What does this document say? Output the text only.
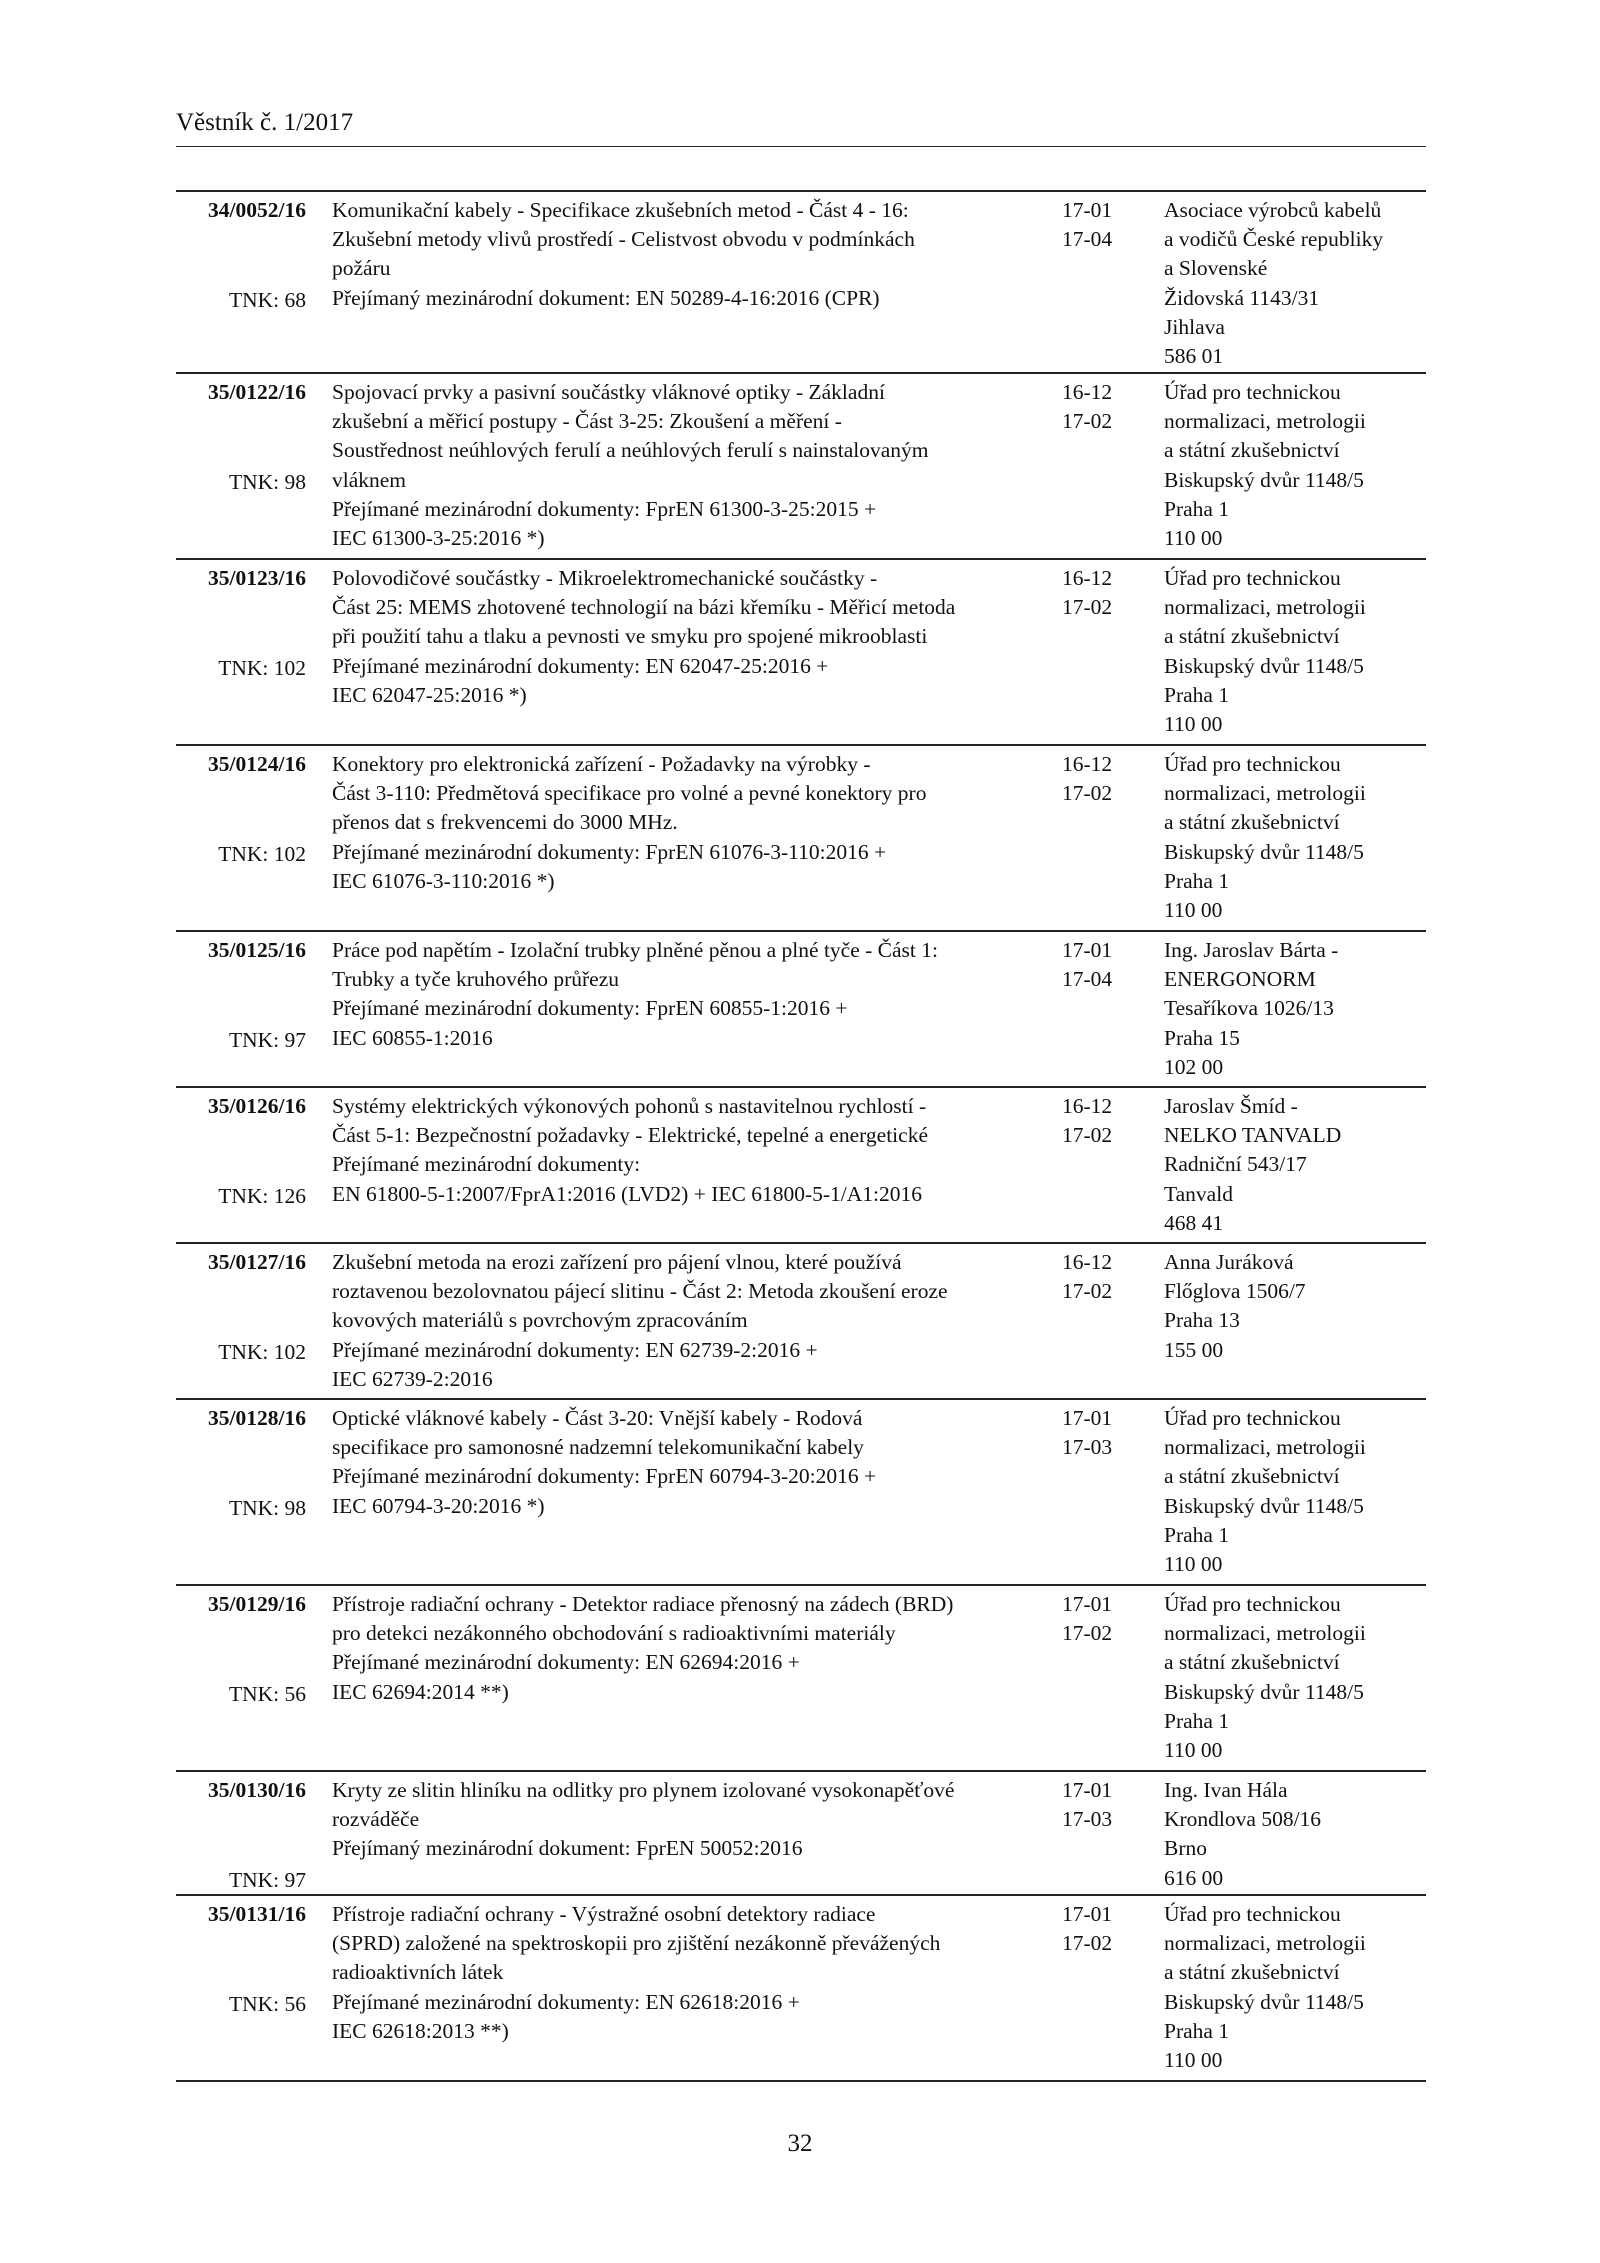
Věstník č. 1/2017
34/0052/16
TNK: 68
Komunikační kabely - Specifikace zkušebních metod - Část 4 - 16:
Zkušební metody vlivů prostředí - Celistvost obvodu v podmínkách
požáru
Přejímaný mezinárodní dokument: EN 50289-4-16:2016 (CPR)
17-01
17-04
Asociace výrobců kabelů
a vodičů České republiky
a Slovenské
Židovská 1143/31
Jihlava
586 01
35/0122/16
TNK: 98
Spojovací prvky a pasivní součástky vláknové optiky - Základní
zkušební a měřicí postupy - Část 3-25: Zkoušení a měření -
Soustřednost neúhlových ferulí a neúhlových ferulí s nainstalovaným
vláknem
Přejímané mezinárodní dokumenty: FprEN 61300-3-25:2015 +
IEC 61300-3-25:2016 *)
16-12
17-02
Úřad pro technickou
normalizaci, metrologii
a státní zkušebnictví
Biskupský dvůr 1148/5
Praha 1
110 00
35/0123/16
TNK: 102
Polovodičové součástky - Mikroelektromechanické součástky -
Část 25: MEMS zhotovené technologií na bázi křemíku - Měřicí metoda
při použití tahu a tlaku a pevnosti ve smyku pro spojené mikrooblasti
Přejímané mezinárodní dokumenty: EN 62047-25:2016 +
IEC 62047-25:2016 *)
16-12
17-02
Úřad pro technickou
normalizaci, metrologii
a státní zkušebnictví
Biskupský dvůr 1148/5
Praha 1
110 00
35/0124/16
TNK: 102
Konektory pro elektronická zařízení - Požadavky na výrobky -
Část 3-110: Předmětová specifikace pro volné a pevné konektory pro
přenos dat s frekvencemi do 3000 MHz.
Přejímané mezinárodní dokumenty: FprEN 61076-3-110:2016 +
IEC 61076-3-110:2016 *)
16-12
17-02
Úřad pro technickou
normalizaci, metrologii
a státní zkušebnictví
Biskupský dvůr 1148/5
Praha 1
110 00
35/0125/16
TNK: 97
Práce pod napětím - Izolační trubky plněné pěnou a plné tyče - Část 1:
Trubky a tyče kruhového průřezu
Přejímané mezinárodní dokumenty: FprEN 60855-1:2016 +
IEC 60855-1:2016
17-01
17-04
Ing. Jaroslav Bárta -
ENERGONORM
Tesaříkova 1026/13
Praha 15
102 00
35/0126/16
TNK: 126
Systémy elektrických výkonových pohonů s nastavitelnou rychlostí -
Část 5-1: Bezpečnostní požadavky - Elektrické, tepelné a energetické
Přejímané mezinárodní dokumenty:
EN 61800-5-1:2007/FprA1:2016 (LVD2) + IEC 61800-5-1/A1:2016
16-12
17-02
Jaroslav Šmíd -
NELKO TANVALD
Radniční 543/17
Tanvald
468 41
35/0127/16
TNK: 102
Zkušební metoda na erozi zařízení pro pájení vlnou, které používá
roztavenou bezolovnatou pájecí slitinu - Část 2: Metoda zkoušení eroze
kovových materiálů s povrchovým zpracováním
Přejímané mezinárodní dokumenty: EN 62739-2:2016 +
IEC 62739-2:2016
16-12
17-02
Anna Juráková
Flőglova 1506/7
Praha 13
155 00
35/0128/16
TNK: 98
Optické vláknové kabely - Část 3-20: Vnější kabely - Rodová
specifikace pro samonosné nadzemní telekomunikační kabely
Přejímané mezinárodní dokumenty: FprEN 60794-3-20:2016 +
IEC 60794-3-20:2016 *)
17-01
17-03
Úřad pro technickou
normalizaci, metrologii
a státní zkušebnictví
Biskupský dvůr 1148/5
Praha 1
110 00
35/0129/16
TNK: 56
Přístroje radiační ochrany - Detektor radiace přenosný na zádech (BRD)
pro detekci nezákonného obchodování s radioaktivními materiály
Přejímané mezinárodní dokumenty: EN 62694:2016 +
IEC 62694:2014 **)
17-01
17-02
Úřad pro technickou
normalizaci, metrologii
a státní zkušebnictví
Biskupský dvůr 1148/5
Praha 1
110 00
35/0130/16
TNK: 97
Kryty ze slitin hliníku na odlitky pro plynem izolované vysokonapěťové
rozváděče
Přejímaný mezinárodní dokument: FprEN 50052:2016
17-01
17-03
Ing. Ivan Hála
Krondlova 508/16
Brno
616 00
35/0131/16
TNK: 56
Přístroje radiační ochrany - Výstražné osobní detektory radiace
(SPRD) založené na spektroskopii pro zjištění nezákonně převážených
radioaktivních látek
Přejímané mezinárodní dokumenty: EN 62618:2016 +
IEC 62618:2013 **)
17-01
17-02
Úřad pro technickou
normalizaci, metrologii
a státní zkušebnictví
Biskupský dvůr 1148/5
Praha 1
110 00
32
